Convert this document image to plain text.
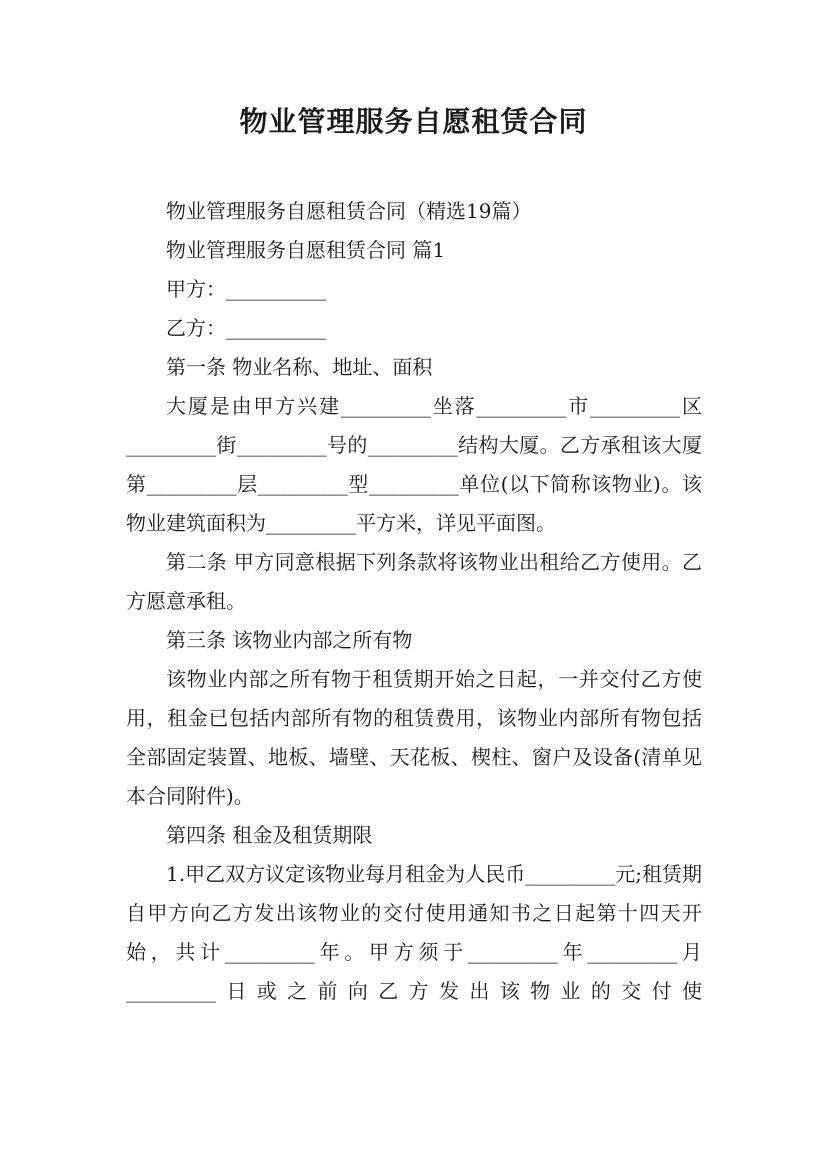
物业管理服务自愿租赁合同

物业管理服务自愿租赁合同（精选19篇）

物业管理服务自愿租赁合同 篇1

甲方：__________

乙方：__________

第一条 物业名称、地址、面积

大厦是由甲方兴建_________坐落_________市_________区_________街_________号的_________结构大厦。乙方承租该大厦第_________层_________型_________单位(以下简称该物业)。该物业建筑面积为_________平方米，详见平面图。

第二条 甲方同意根据下列条款将该物业出租给乙方使用。乙方愿意承租。

第三条 该物业内部之所有物

该物业内部之所有物于租赁期开始之日起，一并交付乙方使用，租金已包括内部所有物的租赁费用，该物业内部所有物包括全部固定装置、地板、墙壁、天花板、楔柱、窗户及设备(清单见本合同附件)。

第四条 租金及租赁期限

1.甲乙双方议定该物业每月租金为人民币_________元;租赁期自甲方向乙方发出该物业的交付使用通知书之日起第十四天开始，共计_________年。甲方须于_________年_________月_________日或之前向乙方发出该物业的交付使
